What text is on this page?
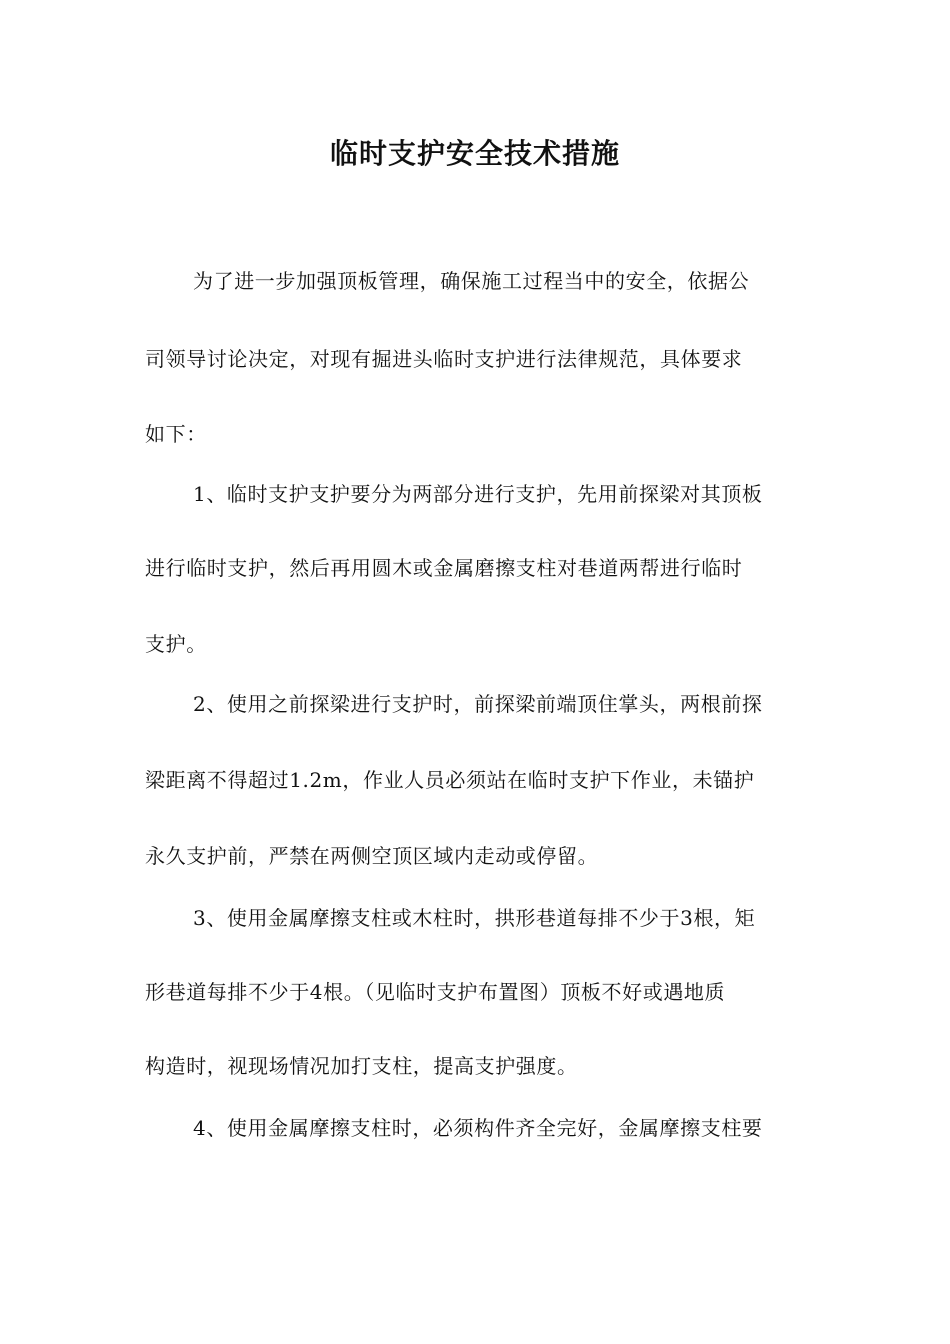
临时支护安全技术措施
为了进一步加强顶板管理，确保施工过程当中的安全，依据公
司领导讨论决定，对现有掘进头临时支护进行法律规范，具体要求
如下：
1、临时支护支护要分为两部分进行支护，先用前探梁对其顶板
进行临时支护，然后再用圆木或金属磨擦支柱对巷道两帮进行临时
支护。
2、使用之前探梁进行支护时，前探梁前端顶住掌头，两根前探
梁距离不得超过1.2m，作业人员必须站在临时支护下作业，未锚护
永久支护前，严禁在两侧空顶区域内走动或停留。
3、使用金属摩擦支柱或木柱时，拱形巷道每排不少于3根，矩
形巷道每排不少于4根。（见临时支护布置图）顶板不好或遇地质
构造时，视现场情况加打支柱，提高支护强度。
4、使用金属摩擦支柱时，必须构件齐全完好，金属摩擦支柱要
